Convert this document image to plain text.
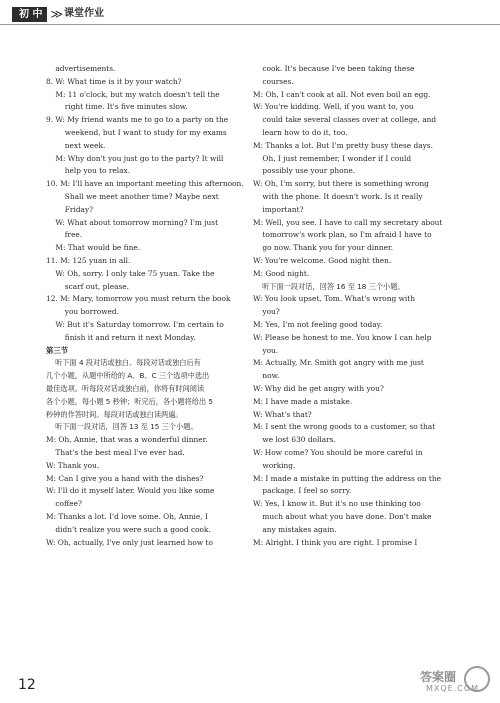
初 中 ≫ 课堂作业
advertisements.
8. W: What time is it by your watch?
M: 11 o'clock, but my watch doesn't tell the
right time. It's five minutes slow.
9. W: My friend wants me to go to a party on the
weekend, but I want to study for my exams
next week.
M: Why don't you just go to the party? It will
help you to relax.
10. M: I'll have an important meeting this afternoon.
Shall we meet another time? Maybe next
Friday?
W: What about tomorrow morning? I'm just
free.
M: That would be fine.
11. M: 125 yuan in all.
W: Oh, sorry. I only take 75 yuan. Take the
scarf out, please.
12. M: Mary, tomorrow you must return the book
you borrowed.
W: But it's Saturday tomorrow. I'm certain to
finish it and return it next Monday.
第三节
听下面 4 段对话或独白。每段对话或独白后有
几个小题，从题中所给的 A、B、C 三个选项中选出
最佳选项。听每段对话或独白前，你将有时间阅读
各个小题，每小题 5 秒钟；听完后，各小题将给出 5
秒钟的作答时间。每段对话或独白读两遍。
听下面一段对话，回答 13 至 15 三个小题。
M: Oh, Annie, that was a wonderful dinner.
That's the best meal I've ever had.
W: Thank you.
M: Can I give you a hand with the dishes?
W: I'll do it myself later. Would you like some
coffee?
M: Thanks a lot. I'd love some. Oh, Annie, I
didn't realize you were such a good cook.
W: Oh, actually, I've only just learned how to
cook. It's because I've been taking these
courses.
M: Oh, I can't cook at all. Not even boil an egg.
W: You're kidding. Well, if you want to, you
could take several classes over at college, and
learn how to do it, too.
M: Thanks a lot. But I'm pretty busy these days.
Oh, I just remember, I wonder if I could
possibly use your phone.
W: Oh, I'm sorry, but there is something wrong
with the phone. It doesn't work. Is it really
important?
M: Well, you see. I have to call my secretary about
tomorrow's work plan, so I'm afraid I have to
go now. Thank you for your dinner.
W: You're welcome. Good night then.
M: Good night.
听下面一段对话，回答 16 至 18 三个小题。
W: You look upset, Tom. What's wrong with
you?
M: Yes, I'm not feeling good today.
W: Please be honest to me. You know I can help
you.
M: Actually, Mr. Smith got angry with me just
now.
W: Why did he get angry with you?
M: I have made a mistake.
W: What's that?
M: I sent the wrong goods to a customer, so that
we lost 630 dollars.
W: How come? You should be more careful in
working.
M: I made a mistake in putting the address on the
package. I feel so sorry.
W: Yes, I know it. But it's no use thinking too
much about what you have done. Don't make
any mistakes again.
M: Alright. I think you are right. I promise I
12	答案圈
MXQE.COM
